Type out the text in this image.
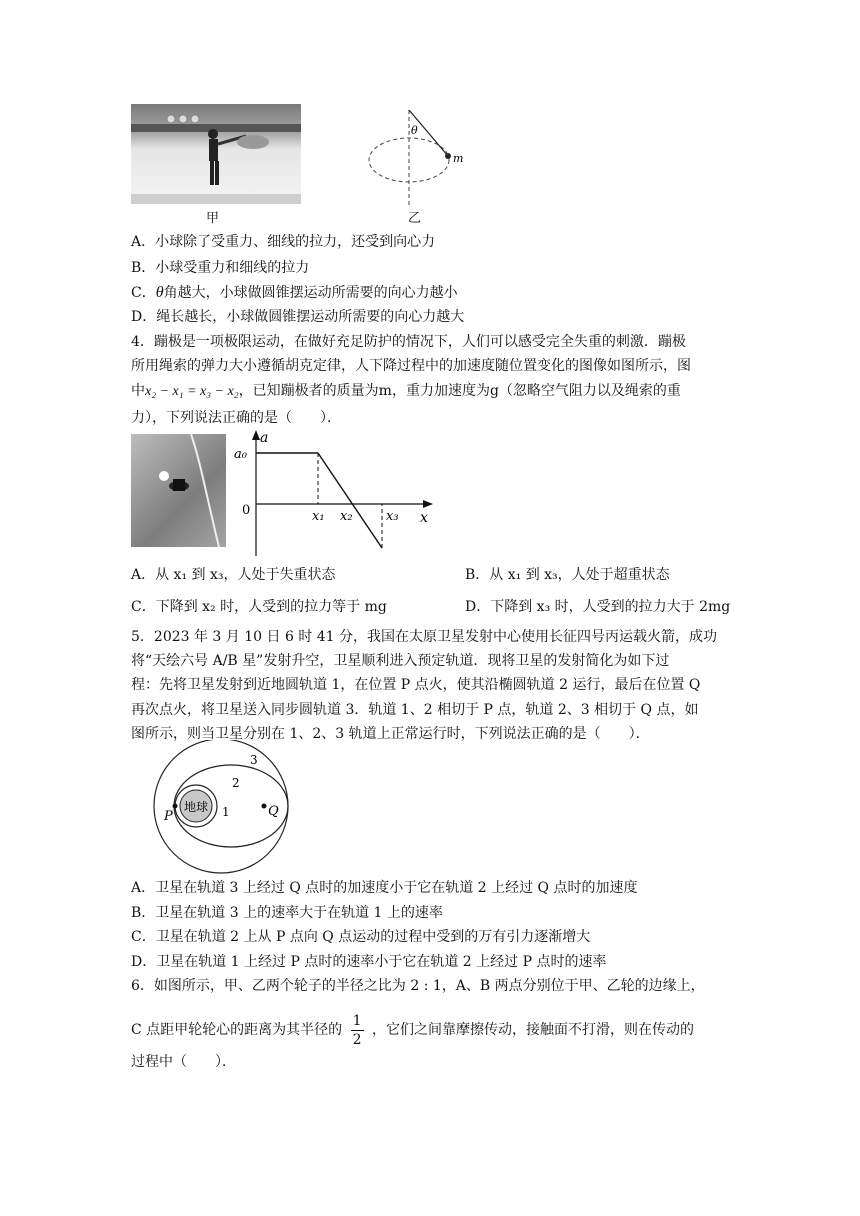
甲
θ
m
乙
A．小球除了受重力、细线的拉力，还受到向心力
B．小球受重力和细线的拉力
C．θ角越大，小球做圆锥摆运动所需要的向心力越小
D．绳长越长，小球做圆锥摆运动所需要的向心力越大
4．蹦极是一项极限运动，在做好充足防护的情况下，人们可以感受完全失重的刺激．蹦极
所用绳索的弹力大小遵循胡克定律，人下降过程中的加速度随位置变化的图像如图所示，图
中x₂ − x₁ = x₃ − x₂，已知蹦极者的质量为m，重力加速度为g（忽略空气阻力以及绳索的重
力），下列说法正确的是（　　）．
a
a₀
0	x₁ x₂	x₃ x
A．从 x₁ 到 x₃，人处于失重状态	B．从 x₁ 到 x₃，人处于超重状态
C．下降到 x₂ 时，人受到的拉力等于 mg	D．下降到 x₃ 时，人受到的拉力大于 2mg
5．2023 年 3 月 10 日 6 时 41 分，我国在太原卫星发射中心使用长征四号丙运载火箭，成功
将“天绘六号 A/B 星”发射升空，卫星顺利进入预定轨道．现将卫星的发射简化为如下过
程：先将卫星发射到近地圆轨道 1，在位置 P 点火，使其沿椭圆轨道 2 运行，最后在位置 Q
再次点火，将卫星送入同步圆轨道 3．轨道 1、2 相切于 P 点，轨道 2、3 相切于 Q 点，如
图所示，则当卫星分别在 1、2、3 轨道上正常运行时，下列说法正确的是（　　）．
地球
P	Q
1
2
3
A．卫星在轨道 3 上经过 Q 点时的加速度小于它在轨道 2 上经过 Q 点时的加速度
B．卫星在轨道 3 上的速率大于在轨道 1 上的速率
C．卫星在轨道 2 上从 P 点向 Q 点运动的过程中受到的万有引力逐渐增大
D．卫星在轨道 1 上经过 P 点时的速率小于它在轨道 2 上经过 P 点时的速率
6．如图所示，甲、乙两个轮子的半径之比为 2 : 1，A、B 两点分别位于甲、乙轮的边缘上，
C 点距甲轮轮心的距离为其半径的 $\frac{1}{2}$ ，它们之间靠摩擦传动，接触面不打滑，则在传动的
过程中（　　）．
